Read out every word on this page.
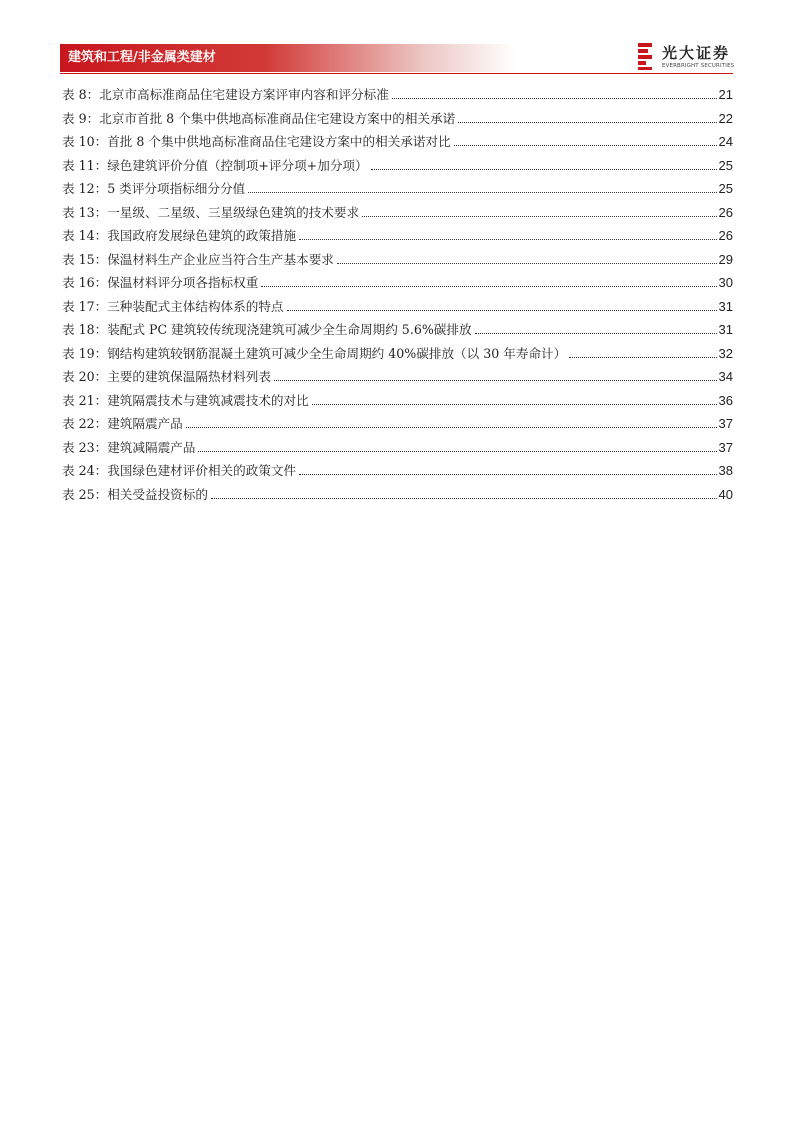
建筑和工程/非金属类建材	光大证券
EVERBRIGHT SECURITIES
表 8：北京市高标准商品住宅建设方案评审内容和评分标准	21
表 9：北京市首批 8 个集中供地高标准商品住宅建设方案中的相关承诺	22
表 10：首批 8 个集中供地高标准商品住宅建设方案中的相关承诺对比	24
表 11：绿色建筑评价分值（控制项+评分项+加分项）	25
表 12：5 类评分项指标细分分值	25
表 13：一星级、二星级、三星级绿色建筑的技术要求	26
表 14：我国政府发展绿色建筑的政策措施	26
表 15：保温材料生产企业应当符合生产基本要求	29
表 16：保温材料评分项各指标权重	30
表 17：三种装配式主体结构体系的特点	31
表 18：装配式 PC 建筑较传统现浇建筑可减少全生命周期约 5.6%碳排放	31
表 19：钢结构建筑较钢筋混凝土建筑可减少全生命周期约 40%碳排放（以 30 年寿命计）	32
表 20：主要的建筑保温隔热材料列表	34
表 21：建筑隔震技术与建筑减震技术的对比	36
表 22：建筑隔震产品	37
表 23：建筑减隔震产品	37
表 24：我国绿色建材评价相关的政策文件	38
表 25：相关受益投资标的	40
